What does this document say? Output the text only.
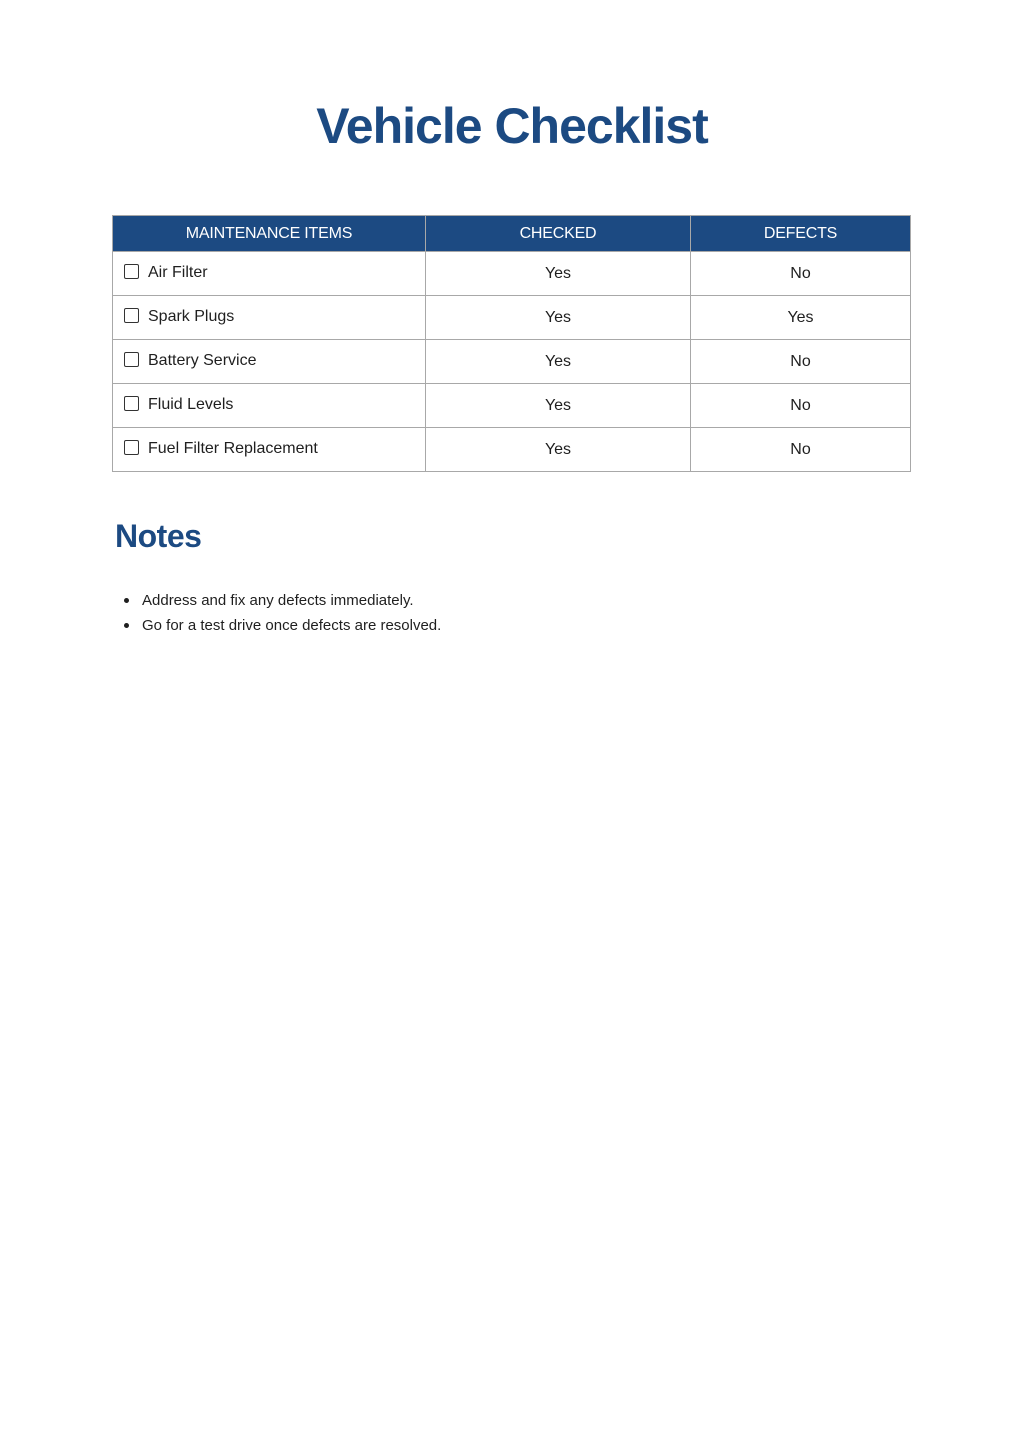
Vehicle Checklist
MAINTENANCE ITEMS	CHECKED	DEFECTS
Air Filter	Yes	No
Spark Plugs	Yes	Yes
Battery Service	Yes	No
Fluid Levels	Yes	No
Fuel Filter Replacement	Yes	No
Notes
Address and fix any defects immediately.
Go for a test drive once defects are resolved.
